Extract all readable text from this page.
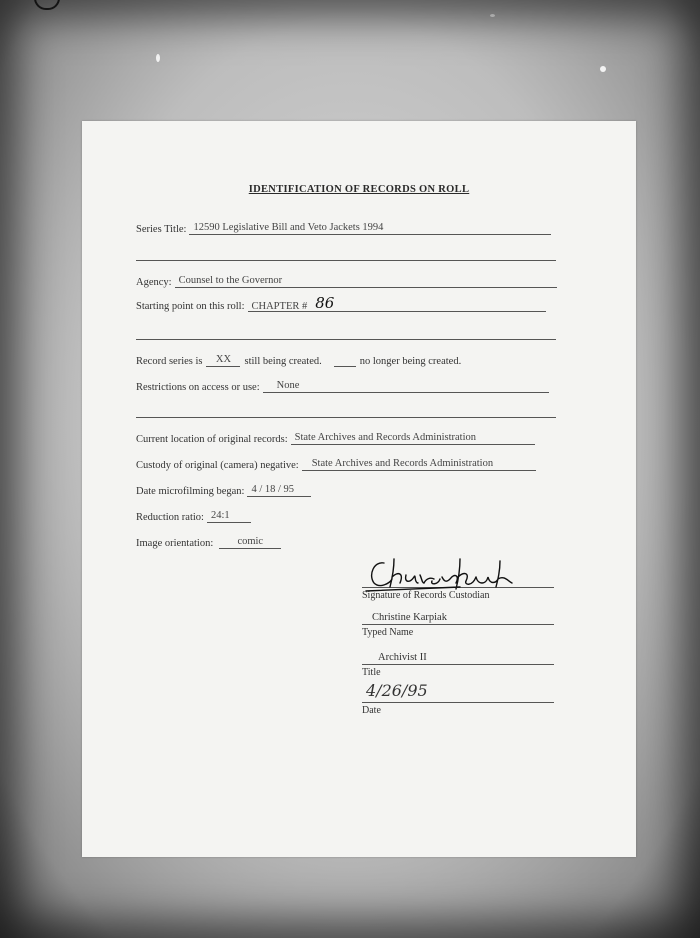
IDENTIFICATION OF RECORDS ON ROLL
Series Title: 12590 Legislative Bill and Veto Jackets 1994
Agency: Counsel to the Governor
Starting point on this roll: CHAPTER # 86
Record series is	XX	still being created.	no longer being created.
Restrictions on access or use:	None
Current location of original records: State Archives and Records Administration
Custody of original (camera) negative:	State Archives and Records Administration
Date microfilming began: 4 / 18 / 95
Reduction ratio: 24:1
Image orientation:	comic
Signature of Records Custodian
Christine Karpiak
Typed Name
Archivist II
Title
4/26/95
Date
